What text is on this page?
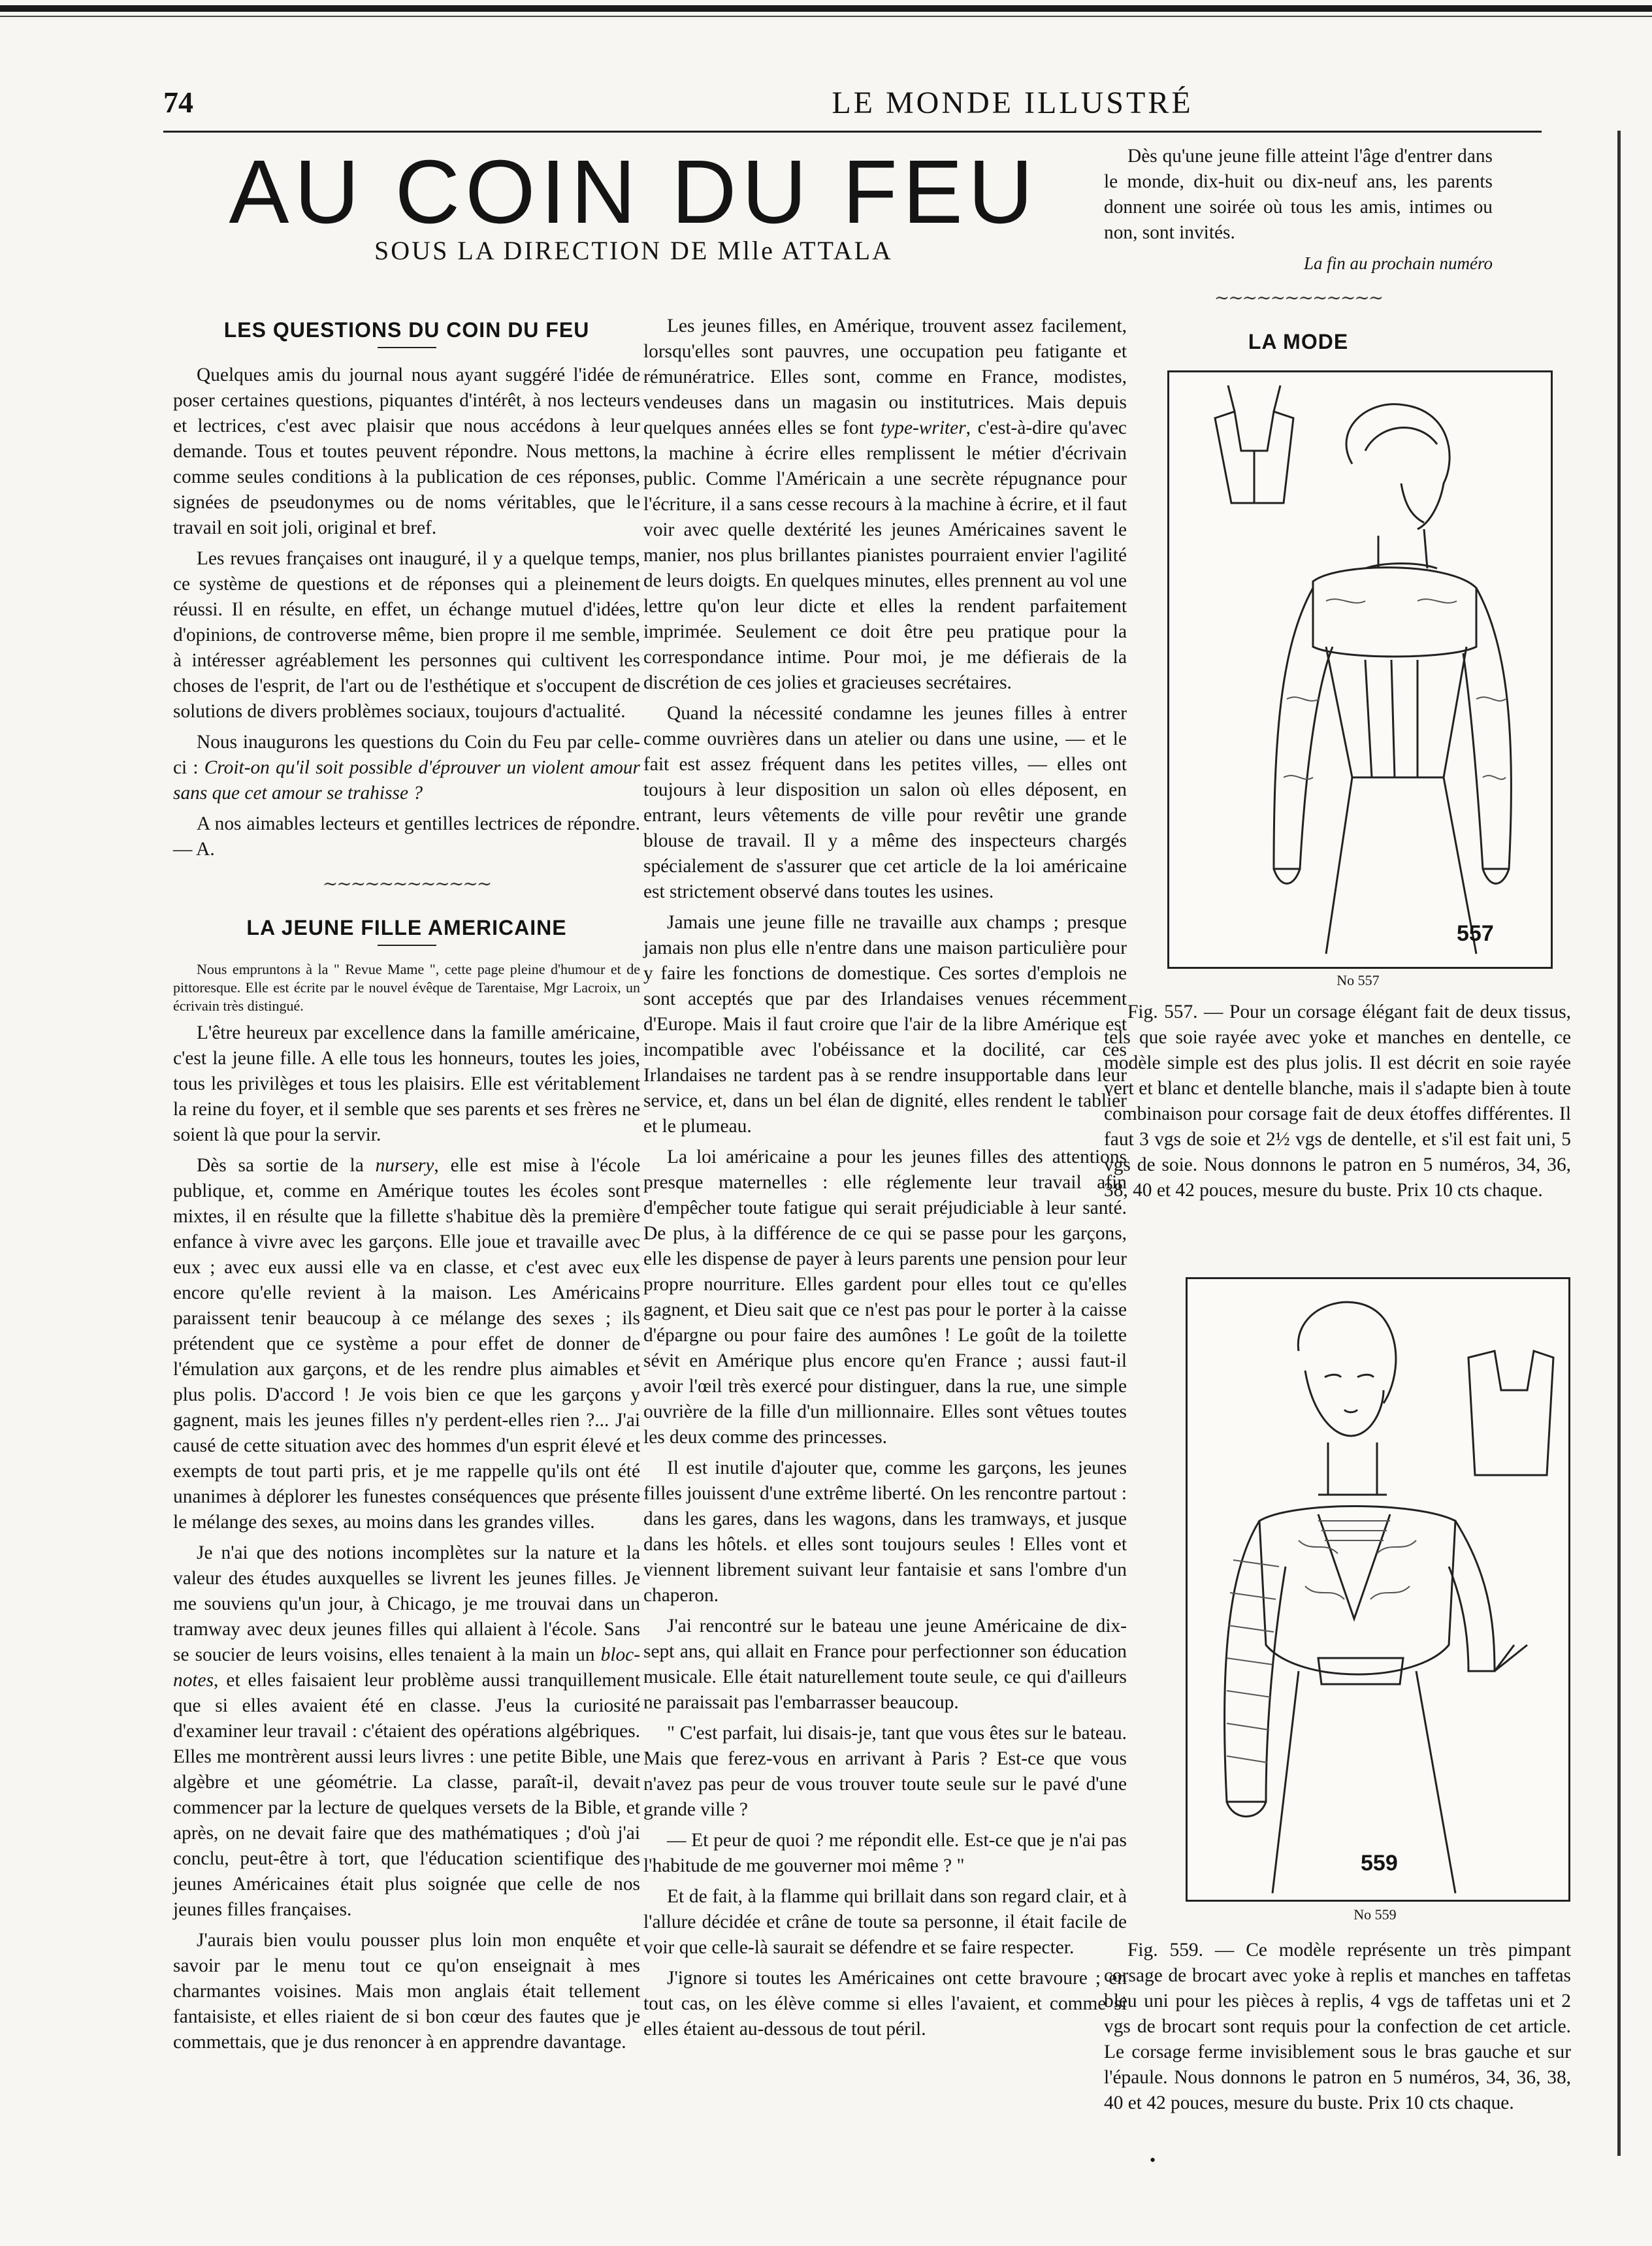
74	LE MONDE ILLUSTRÉ
AU COIN DU FEU
SOUS LA DIRECTION DE Mlle ATTALA
LES QUESTIONS DU COIN DU FEU

Quelques amis du journal nous ayant suggéré l'idée de poser certaines questions, piquantes d'intérêt, à nos lecteurs et lectrices, c'est avec plaisir que nous accédons à leur demande. Tous et toutes peuvent répondre. Nous mettons, comme seules conditions à la publication de ces réponses, signées de pseudonymes ou de noms véritables, que le travail en soit joli, original et bref.

Les revues françaises ont inauguré, il y a quelque temps, ce système de questions et de réponses qui a pleinement réussi. Il en résulte, en effet, un échange mutuel d'idées, d'opinions, de controverse même, bien propre il me semble, à intéresser agréablement les personnes qui cultivent les choses de l'esprit, de l'art ou de l'esthétique et s'occupent de solutions de divers problèmes sociaux, toujours d'actualité.

Nous inaugurons les questions du Coin du Feu par celle-ci : Croit-on qu'il soit possible d'éprouver un violent amour sans que cet amour se trahisse ?

A nos aimables lecteurs et gentilles lectrices de répondre. — A.

∼∼∼∼∼∼∼∼∼∼∼∼
LA JEUNE FILLE AMERICAINE

Nous empruntons à la " Revue Mame ", cette page pleine d'humour et de pittoresque. Elle est écrite par le nouvel évêque de Tarentaise, Mgr Lacroix, un écrivain très distingué.

L'être heureux par excellence dans la famille américaine, c'est la jeune fille. A elle tous les honneurs, toutes les joies, tous les privilèges et tous les plaisirs. Elle est véritablement la reine du foyer, et il semble que ses parents et ses frères ne soient là que pour la servir.

Dès sa sortie de la nursery, elle est mise à l'école publique, et, comme en Amérique toutes les écoles sont mixtes, il en résulte que la fillette s'habitue dès la première enfance à vivre avec les garçons. Elle joue et travaille avec eux ; avec eux aussi elle va en classe, et c'est avec eux encore qu'elle revient à la maison. Les Américains paraissent tenir beaucoup à ce mélange des sexes ; ils prétendent que ce système a pour effet de donner de l'émulation aux garçons, et de les rendre plus aimables et plus polis. D'accord ! Je vois bien ce que les garçons y gagnent, mais les jeunes filles n'y perdent-elles rien ?... J'ai causé de cette situation avec des hommes d'un esprit élevé et exempts de tout parti pris, et je me rappelle qu'ils ont été unanimes à déplorer les funestes conséquences que présente le mélange des sexes, au moins dans les grandes villes.

Je n'ai que des notions incomplètes sur la nature et la valeur des études auxquelles se livrent les jeunes filles. Je me souviens qu'un jour, à Chicago, je me trouvai dans un tramway avec deux jeunes filles qui allaient à l'école. Sans se soucier de leurs voisins, elles tenaient à la main un bloc-notes, et elles faisaient leur problème aussi tranquillement que si elles avaient été en classe. J'eus la curiosité d'examiner leur travail : c'étaient des opérations algébriques. Elles me montrèrent aussi leurs livres : une petite Bible, une algèbre et une géométrie. La classe, paraît-il, devait commencer par la lecture de quelques versets de la Bible, et après, on ne devait faire que des mathématiques ; d'où j'ai conclu, peut-être à tort, que l'éducation scientifique des jeunes Américaines était plus soignée que celle de nos jeunes filles françaises.

J'aurais bien voulu pousser plus loin mon enquête et savoir par le menu tout ce qu'on enseignait à mes charmantes voisines. Mais mon anglais était tellement fantaisiste, et elles riaient de si bon cœur des fautes que je commettais, que je dus renoncer à en apprendre davantage.

Les jeunes filles, en Amérique, trouvent assez facilement, lorsqu'elles sont pauvres, une occupation peu fatigante et rémunératrice. Elles sont, comme en France, modistes, vendeuses dans un magasin ou institutrices. Mais depuis quelques années elles se font type-writer, c'est-à-dire qu'avec la machine à écrire elles remplissent le métier d'écrivain public. Comme l'Américain a une secrète répugnance pour l'écriture, il a sans cesse recours à la machine à écrire, et il faut voir avec quelle dextérité les jeunes Américaines savent le manier, nos plus brillantes pianistes pourraient envier l'agilité de leurs doigts. En quelques minutes, elles prennent au vol une lettre qu'on leur dicte et elles la rendent parfaitement imprimée. Seulement ce doit être peu pratique pour la correspondance intime. Pour moi, je me défierais de la discrétion de ces jolies et gracieuses secrétaires.

Quand la nécessité condamne les jeunes filles à entrer comme ouvrières dans un atelier ou dans une usine, — et le fait est assez fréquent dans les petites villes, — elles ont toujours à leur disposition un salon où elles déposent, en entrant, leurs vêtements de ville pour revêtir une grande blouse de travail. Il y a même des inspecteurs chargés spécialement de s'assurer que cet article de la loi américaine est strictement observé dans toutes les usines.

Jamais une jeune fille ne travaille aux champs ; presque jamais non plus elle n'entre dans une maison particulière pour y faire les fonctions de domestique. Ces sortes d'emplois ne sont acceptés que par des Irlandaises venues récemment d'Europe. Mais il faut croire que l'air de la libre Amérique est incompatible avec l'obéissance et la docilité, car ces Irlandaises ne tardent pas à se rendre insupportable dans leur service, et, dans un bel élan de dignité, elles rendent le tablier et le plumeau.

La loi américaine a pour les jeunes filles des attentions presque maternelles : elle réglemente leur travail afin d'empêcher toute fatigue qui serait préjudiciable à leur santé. De plus, à la différence de ce qui se passe pour les garçons, elle les dispense de payer à leurs parents une pension pour leur propre nourriture. Elles gardent pour elles tout ce qu'elles gagnent, et Dieu sait que ce n'est pas pour le porter à la caisse d'épargne ou pour faire des aumônes ! Le goût de la toilette sévit en Amérique plus encore qu'en France ; aussi faut-il avoir l'œil très exercé pour distinguer, dans la rue, une simple ouvrière de la fille d'un millionnaire. Elles sont vêtues toutes les deux comme des princesses.

Il est inutile d'ajouter que, comme les garçons, les jeunes filles jouissent d'une extrême liberté. On les rencontre partout : dans les gares, dans les wagons, dans les tramways, et jusque dans les hôtels. et elles sont toujours seules ! Elles vont et viennent librement suivant leur fantaisie et sans l'ombre d'un chaperon.

J'ai rencontré sur le bateau une jeune Américaine de dix-sept ans, qui allait en France pour perfectionner son éducation musicale. Elle était naturellement toute seule, ce qui d'ailleurs ne paraissait pas l'embarrasser beaucoup.

" C'est parfait, lui disais-je, tant que vous êtes sur le bateau. Mais que ferez-vous en arrivant à Paris ? Est-ce que vous n'avez pas peur de vous trouver toute seule sur le pavé d'une grande ville ?

— Et peur de quoi ? me répondit elle. Est-ce que je n'ai pas l'habitude de me gouverner moi même ? "

Et de fait, à la flamme qui brillait dans son regard clair, et à l'allure décidée et crâne de toute sa personne, il était facile de voir que celle-là saurait se défendre et se faire respecter.

J'ignore si toutes les Américaines ont cette bravoure ; en tout cas, on les élève comme si elles l'avaient, et comme si elles étaient au-dessous de tout péril.

Dès qu'une jeune fille atteint l'âge d'entrer dans le monde, dix-huit ou dix-neuf ans, les parents donnent une soirée où tous les amis, intimes ou non, sont invités.

La fin au prochain numéro
∼∼∼∼∼∼∼∼∼∼∼∼
LA MODE
557
No 557

Fig. 557. — Pour un corsage élégant fait de deux tissus, tels que soie rayée avec yoke et manches en dentelle, ce modèle simple est des plus jolis. Il est décrit en soie rayée vert et blanc et dentelle blanche, mais il s'adapte bien à toute combinaison pour corsage fait de deux étoffes différentes. Il faut 3 vgs de soie et 2½ vgs de dentelle, et s'il est fait uni, 5 vgs de soie. Nous donnons le patron en 5 numéros, 34, 36, 38, 40 et 42 pouces, mesure du buste. Prix 10 cts chaque.

559
No 559

Fig. 559. — Ce modèle représente un très pimpant corsage de brocart avec yoke à replis et manches en taffetas bleu uni pour les pièces à replis, 4 vgs de taffetas uni et 2 vgs de brocart sont requis pour la confection de cet article. Le corsage ferme invisiblement sous le bras gauche et sur l'épaule. Nous donnons le patron en 5 numéros, 34, 36, 38, 40 et 42 pouces, mesure du buste. Prix 10 cts chaque.

•
